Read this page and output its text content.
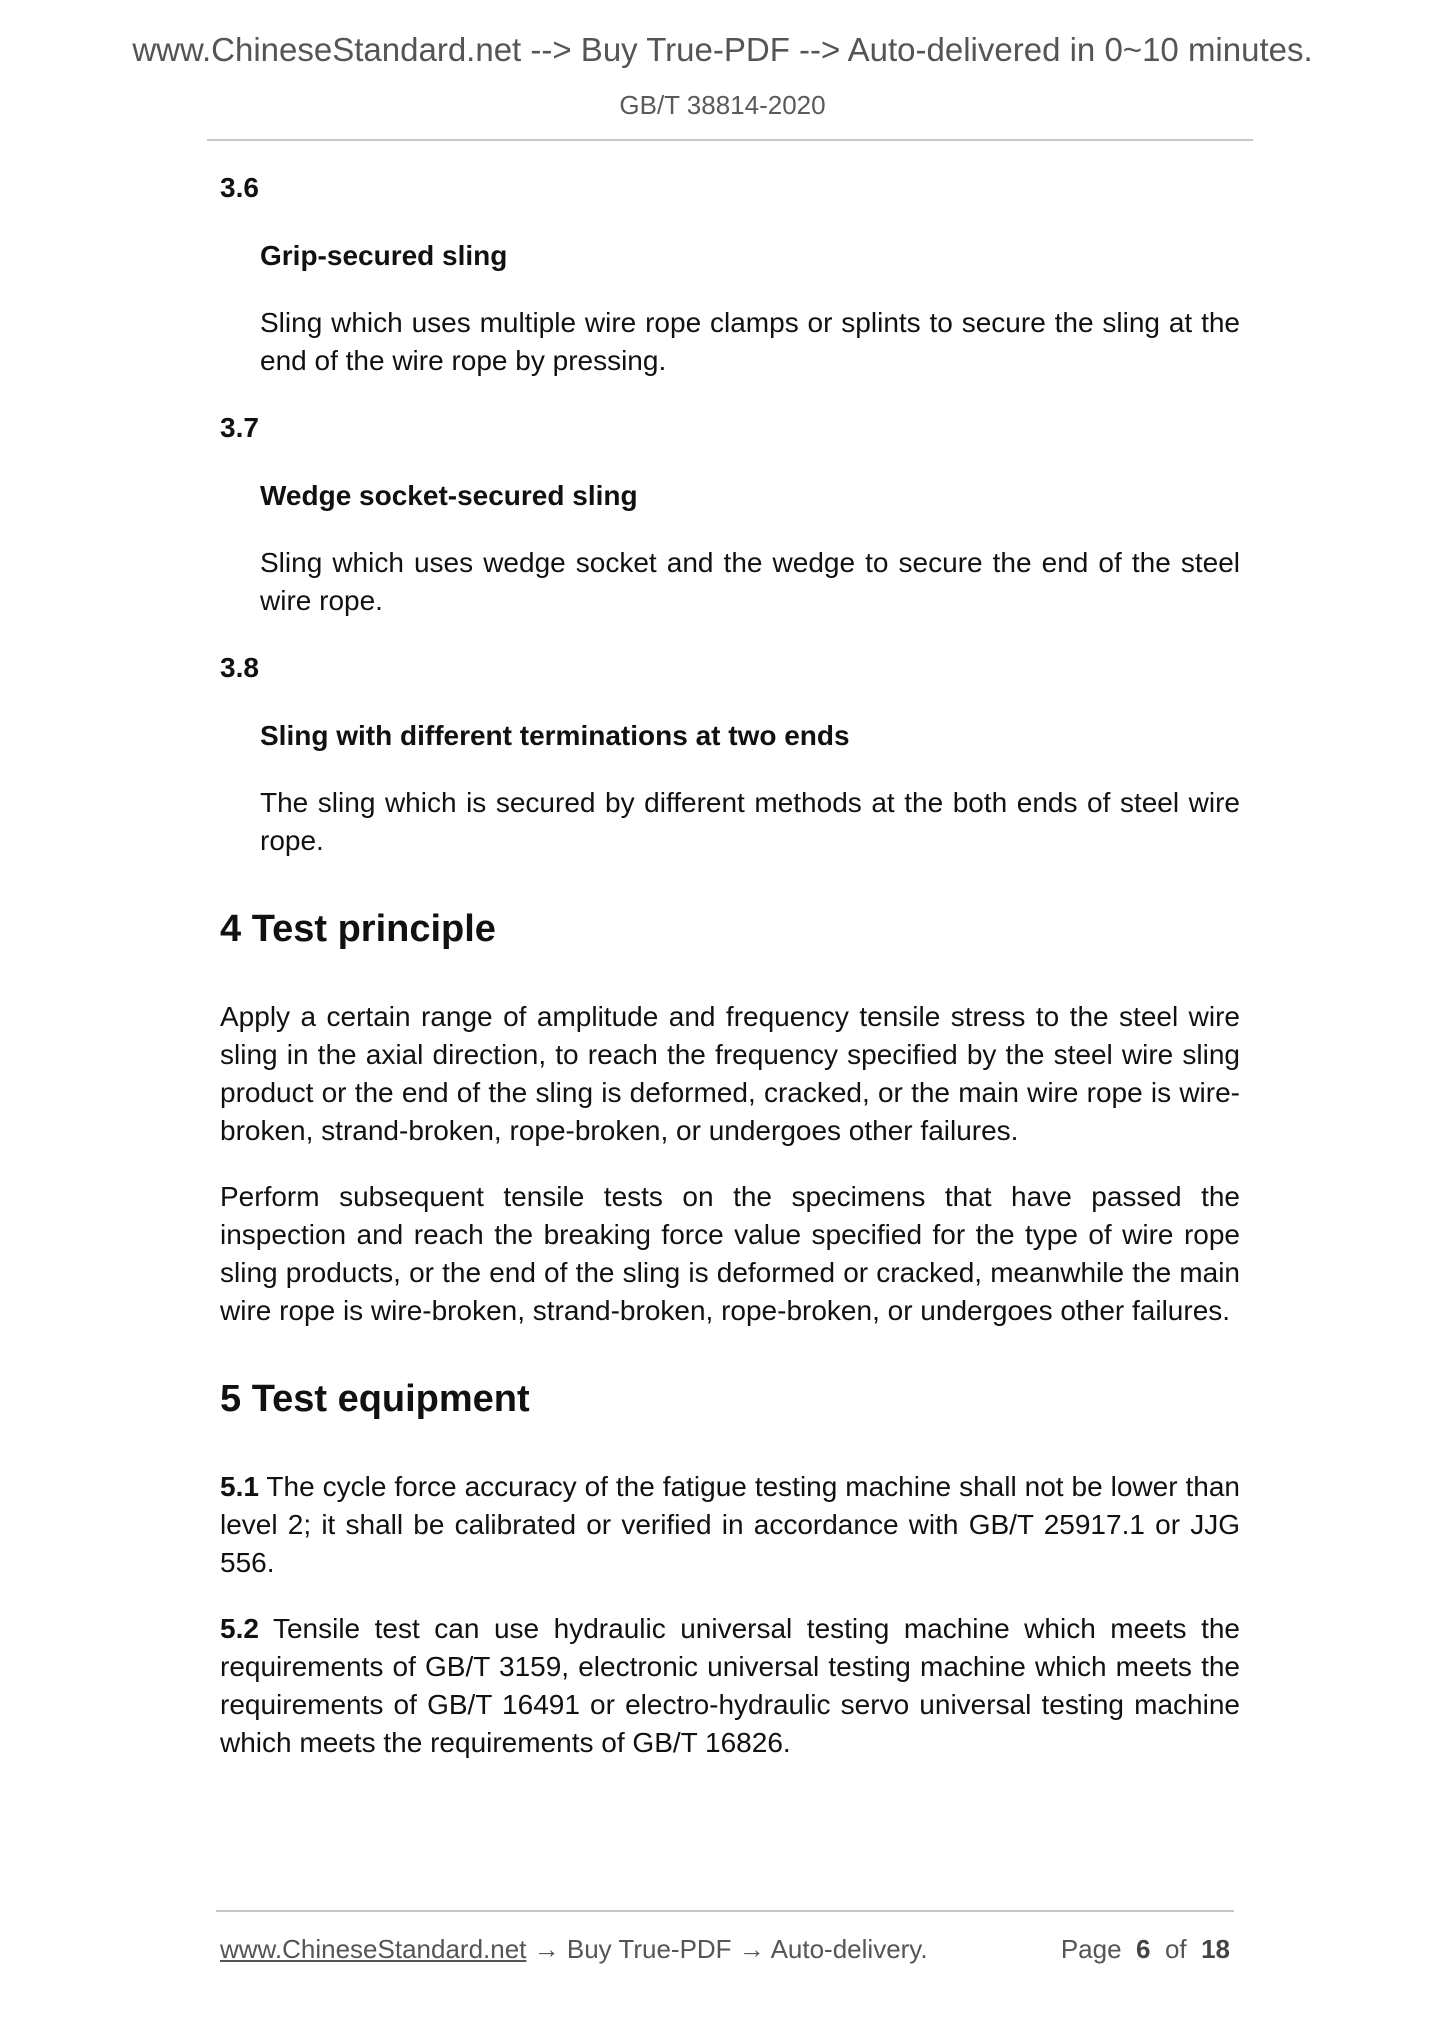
www.ChineseStandard.net --> Buy True-PDF --> Auto-delivered in 0~10 minutes.
GB/T 38814-2020

3.6

Grip-secured sling

Sling which uses multiple wire rope clamps or splints to secure the sling at the end of the wire rope by pressing.

3.7

Wedge socket-secured sling

Sling which uses wedge socket and the wedge to secure the end of the steel wire rope.

3.8

Sling with different terminations at two ends

The sling which is secured by different methods at the both ends of steel wire rope.

4 Test principle

Apply a certain range of amplitude and frequency tensile stress to the steel wire sling in the axial direction, to reach the frequency specified by the steel wire sling product or the end of the sling is deformed, cracked, or the main wire rope is wire-broken, strand-broken, rope-broken, or undergoes other failures.

Perform subsequent tensile tests on the specimens that have passed the inspection and reach the breaking force value specified for the type of wire rope sling products, or the end of the sling is deformed or cracked, meanwhile the main wire rope is wire-broken, strand-broken, rope-broken, or undergoes other failures.

5 Test equipment

5.1 The cycle force accuracy of the fatigue testing machine shall not be lower than level 2; it shall be calibrated or verified in accordance with GB/T 25917.1 or JJG 556.

5.2 Tensile test can use hydraulic universal testing machine which meets the requirements of GB/T 3159, electronic universal testing machine which meets the requirements of GB/T 16491 or electro-hydraulic servo universal testing machine which meets the requirements of GB/T 16826.

www.ChineseStandard.net → Buy True-PDF → Auto-delivery.	Page 6 of 18
